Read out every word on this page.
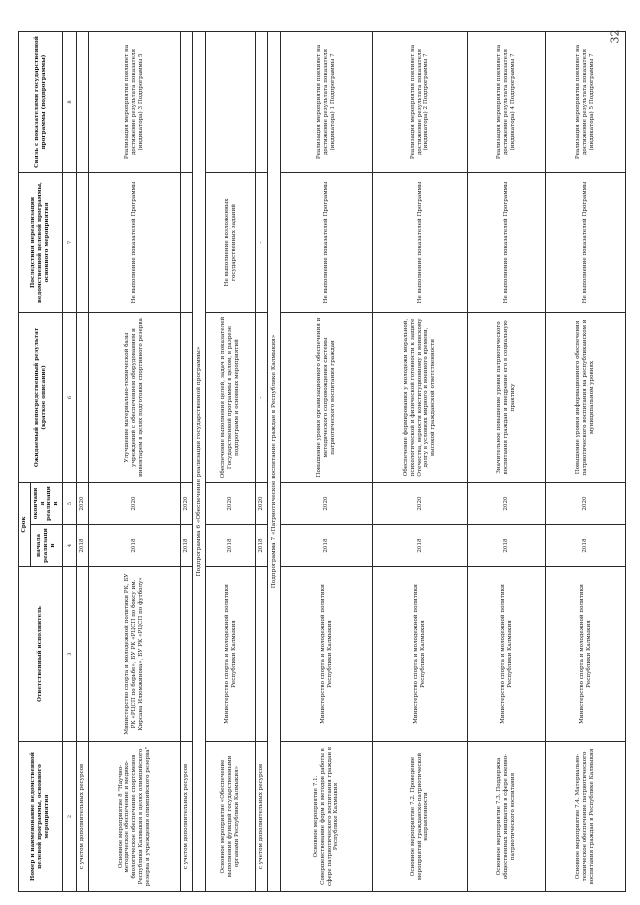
32
Номер и наименование ведомственной целевой программы, основного мероприятия	Ответственный исполнитель	Срок		Ожидаемый непосредственный результат (краткое описание)	Последствия нереализации ведомственной целевой программы, основного мероприятия	Связь с показателями государственной программы (подпрограммы)
		начала реализации	окончания реализации			
2	3	4	5	6	7	8
с учетом дополнительных ресурсов		2018	2020			
Основное мероприятие 8 "Научно-методическое обеспечение и медико-биологическое обеспечение спортсменов Республики Калмыкия в целях олимпийского резерва и учреждения олимпийского резерва"	Министерство спорта и молодежной политики РК, БУ РК «РЦСП по борьбе», БУ РК «РЦСП по боксу им. Кирсана Илюмжинова», БУ РК «РЦСП по футболу»	2018	2020	Улучшение материально-технической базы учреждений с обеспечением оборудованием и инвентарем в целях подготовки спортивного резерва	Не выполнение показателей Программы	Реализация мероприятия повлияет на достижение результата показателя (индикатора) 3 Подпрограммы 5
с учетом дополнительных ресурсов		2018	2020			
Подпрограмма 6 «Обеспечение реализации государственной программы»						
Основное мероприятие «Обеспечение выполнения функций государственными органами Республики Калмыкия»	Министерство спорта и молодежной политики Республики Калмыкия	2018	2020	Обеспечение выполнения целей, задач и показателей Государственной программы в целом, в разрезе подпрограмм и основных мероприятий	Не выполнение возложенных государственных заданий	
с учетом дополнительных ресурсов		2018	2020	-	-	
Подпрограмма 7 «Патриотическое воспитание граждан в Республике Калмыкия»						
Основное мероприятие 7.1. Совершенствование форм и методов работы в сфере патриотического воспитания граждан в Республике Калмыкия	Министерство спорта и молодежной политики Республики Калмыкия	2018	2020	Повышение уровня организационного обеспечения и методического сопровождения системы патриотического воспитания граждан	Не выполнение показателей Программы	Реализация мероприятия повлияет на достижение результата показателя (индикатора) 1 Подпрограммы 7
Основное мероприятие 7.2. Проведение мероприятий гражданско-патриотической направленности	Министерство спорта и молодежной политики Республики Калмыкия	2018	2020	Обеспечение формирования у молодежи моральной, психологической и физической готовности к защите Отечества, верности конституционному и воинскому долгу в условиях мирного и военного времени, высокой гражданской ответственности	Не выполнение показателей Программы	Реализация мероприятия повлияет на достижение результата показателя (индикатора) 2 Подпрограммы 7
Основное мероприятие 7.3. Поддержка общественных инициатив в сфере военно-патриотического воспитания	Министерство спорта и молодежной политики Республики Калмыкия	2018	2020	Значительное повышение уровня патриотического воспитания граждан и внедрение его в социальную практику	Не выполнение показателей Программы	Реализация мероприятия повлияет на достижение результата показателя (индикатора) 4 Подпрограммы 7
Основное мероприятие 7.4. Материально-техническое обеспечение патриотического воспитания граждан в Республике Калмыкия	Министерство спорта и молодежной политики Республики Калмыкия	2018	2020	Повышение уровня информационного обеспечения патриотического воспитания на республиканском и муниципальном уровнях	Не выполнение показателей Программы	Реализация мероприятия повлияет на достижение результата показателя (индикатора) 5 Подпрограммы 7
